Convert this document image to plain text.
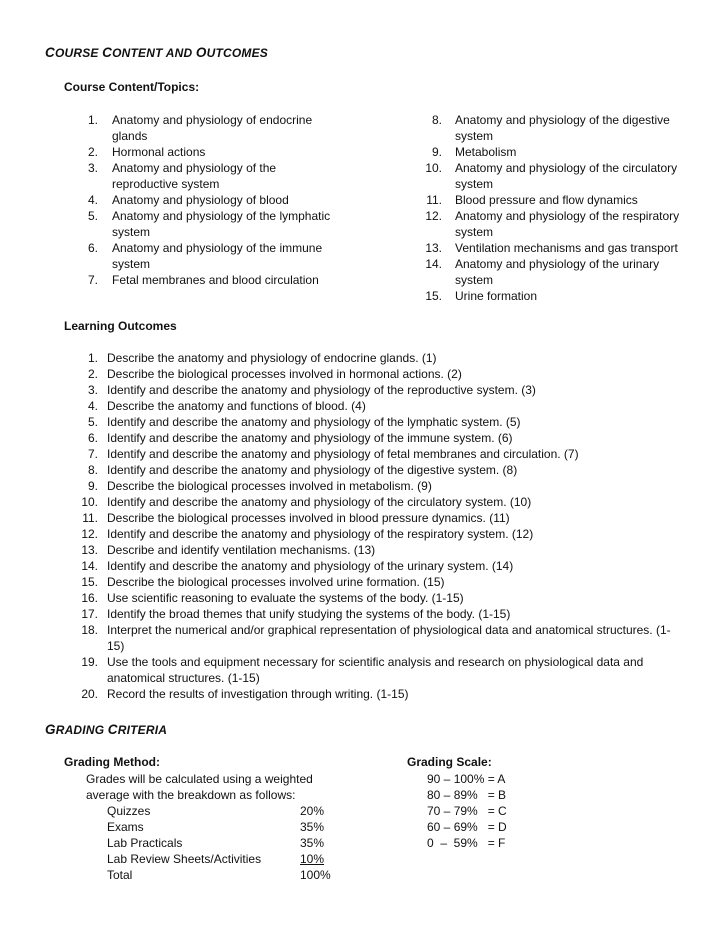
COURSE CONTENT AND OUTCOMES
Course Content/Topics:
1. Anatomy and physiology of endocrine
glands
2. Hormonal actions
3. Anatomy and physiology of the
reproductive system
4. Anatomy and physiology of blood
5. Anatomy and physiology of the lymphatic
system
6. Anatomy and physiology of the immune
system
7. Fetal membranes and blood circulation
8. Anatomy and physiology of the digestive
system
9. Metabolism
10. Anatomy and physiology of the circulatory
system
11. Blood pressure and flow dynamics
12. Anatomy and physiology of the respiratory
system
13. Ventilation mechanisms and gas transport
14. Anatomy and physiology of the urinary
system
15. Urine formation
Learning Outcomes
1. Describe the anatomy and physiology of endocrine glands. (1)
2. Describe the biological processes involved in hormonal actions. (2)
3. Identify and describe the anatomy and physiology of the reproductive system. (3)
4. Describe the anatomy and functions of blood. (4)
5. Identify and describe the anatomy and physiology of the lymphatic system. (5)
6. Identify and describe the anatomy and physiology of the immune system. (6)
7. Identify and describe the anatomy and physiology of fetal membranes and circulation. (7)
8. Identify and describe the anatomy and physiology of the digestive system. (8)
9. Describe the biological processes involved in metabolism. (9)
10. Identify and describe the anatomy and physiology of the circulatory system. (10)
11. Describe the biological processes involved in blood pressure dynamics. (11)
12. Identify and describe the anatomy and physiology of the respiratory system. (12)
13. Describe and identify ventilation mechanisms. (13)
14. Identify and describe the anatomy and physiology of the urinary system. (14)
15. Describe the biological processes involved urine formation. (15)
16. Use scientific reasoning to evaluate the systems of the body. (1-15)
17. Identify the broad themes that unify studying the systems of the body. (1-15)
18. Interpret the numerical and/or graphical representation of physiological data and anatomical structures. (1-
15)
19. Use the tools and equipment necessary for scientific analysis and research on physiological data and
anatomical structures. (1-15)
20. Record the results of investigation through writing. (1-15)
GRADING CRITERIA
Grading Method:
Grades will be calculated using a weighted
average with the breakdown as follows:
Quizzes	20%
Exams	35%
Lab Practicals	35%
Lab Review Sheets/Activities	10%
Total	100%
Grading Scale:
90 – 100% = A
80 – 89%   = B
70 – 79%   = C
60 – 69%   = D
0  –  59%   = F
